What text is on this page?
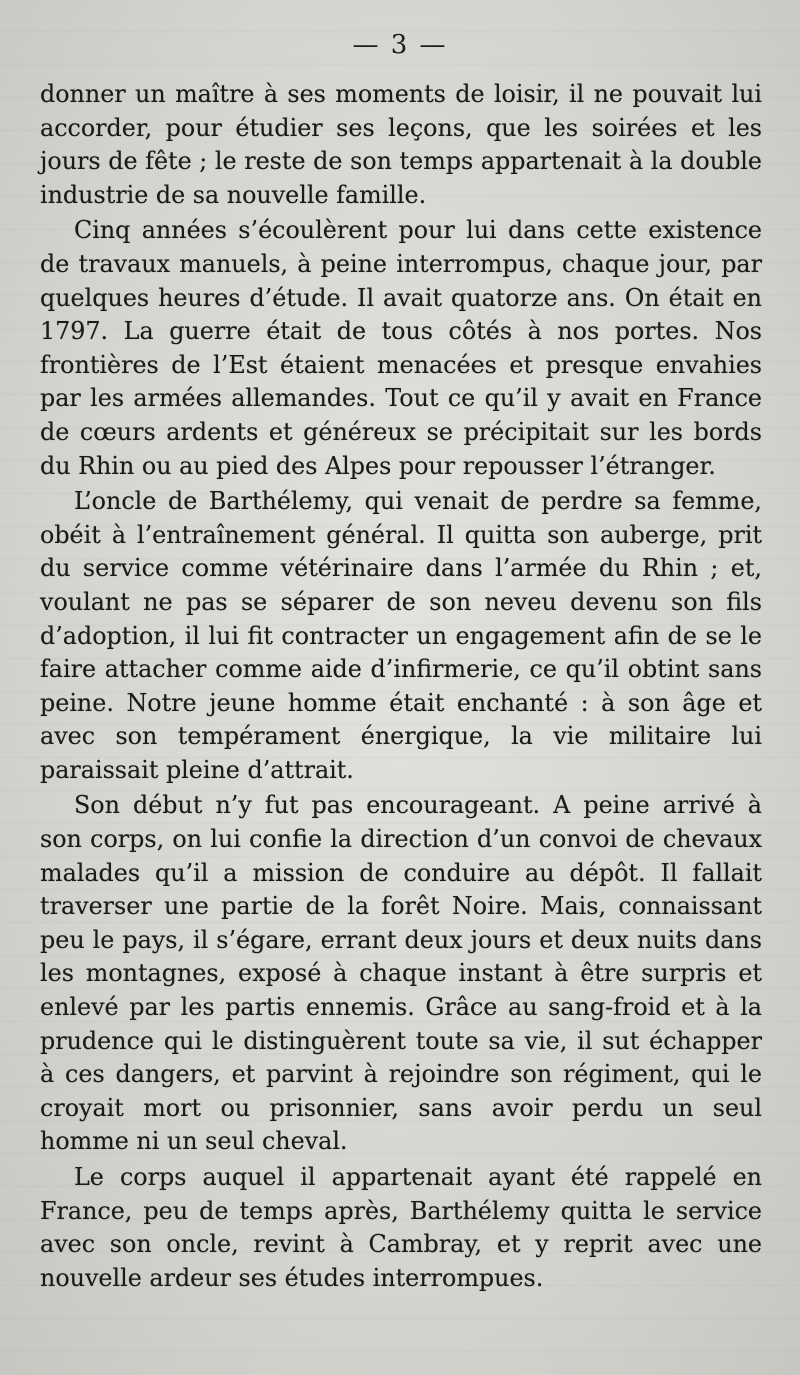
— 3 —

donner un maître à ses moments de loisir, il ne pouvait lui accorder, pour étudier ses leçons, que les soirées et les jours de fête ; le reste de son temps appartenait à la double industrie de sa nouvelle famille.

Cinq années s’écoulèrent pour lui dans cette existence de travaux manuels, à peine interrompus, chaque jour, par quelques heures d’étude. Il avait quatorze ans. On était en 1797. La guerre était de tous côtés à nos portes. Nos frontières de l’Est étaient menacées et presque envahies par les armées allemandes. Tout ce qu’il y avait en France de cœurs ardents et généreux se précipitait sur les bords du Rhin ou au pied des Alpes pour repousser l’étranger.

L’oncle de Barthélemy, qui venait de perdre sa femme, obéit à l’entraînement général. Il quitta son auberge, prit du service comme vétérinaire dans l’armée du Rhin ; et, voulant ne pas se séparer de son neveu devenu son fils d’adoption, il lui fit contracter un engagement afin de se le faire attacher comme aide d’infirmerie, ce qu’il obtint sans peine. Notre jeune homme était enchanté : à son âge et avec son tempérament énergique, la vie militaire lui paraissait pleine d’attrait.

Son début n’y fut pas encourageant. A peine arrivé à son corps, on lui confie la direction d’un convoi de chevaux malades qu’il a mission de conduire au dépôt. Il fallait traverser une partie de la forêt Noire. Mais, connaissant peu le pays, il s’égare, errant deux jours et deux nuits dans les montagnes, exposé à chaque instant à être surpris et enlevé par les partis ennemis. Grâce au sang-froid et à la prudence qui le distinguèrent toute sa vie, il sut échapper à ces dangers, et parvint à rejoindre son régiment, qui le croyait mort ou prisonnier, sans avoir perdu un seul homme ni un seul cheval.

Le corps auquel il appartenait ayant été rappelé en France, peu de temps après, Barthélemy quitta le service avec son oncle, revint à Cambray, et y reprit avec une nouvelle ardeur ses études interrompues.
